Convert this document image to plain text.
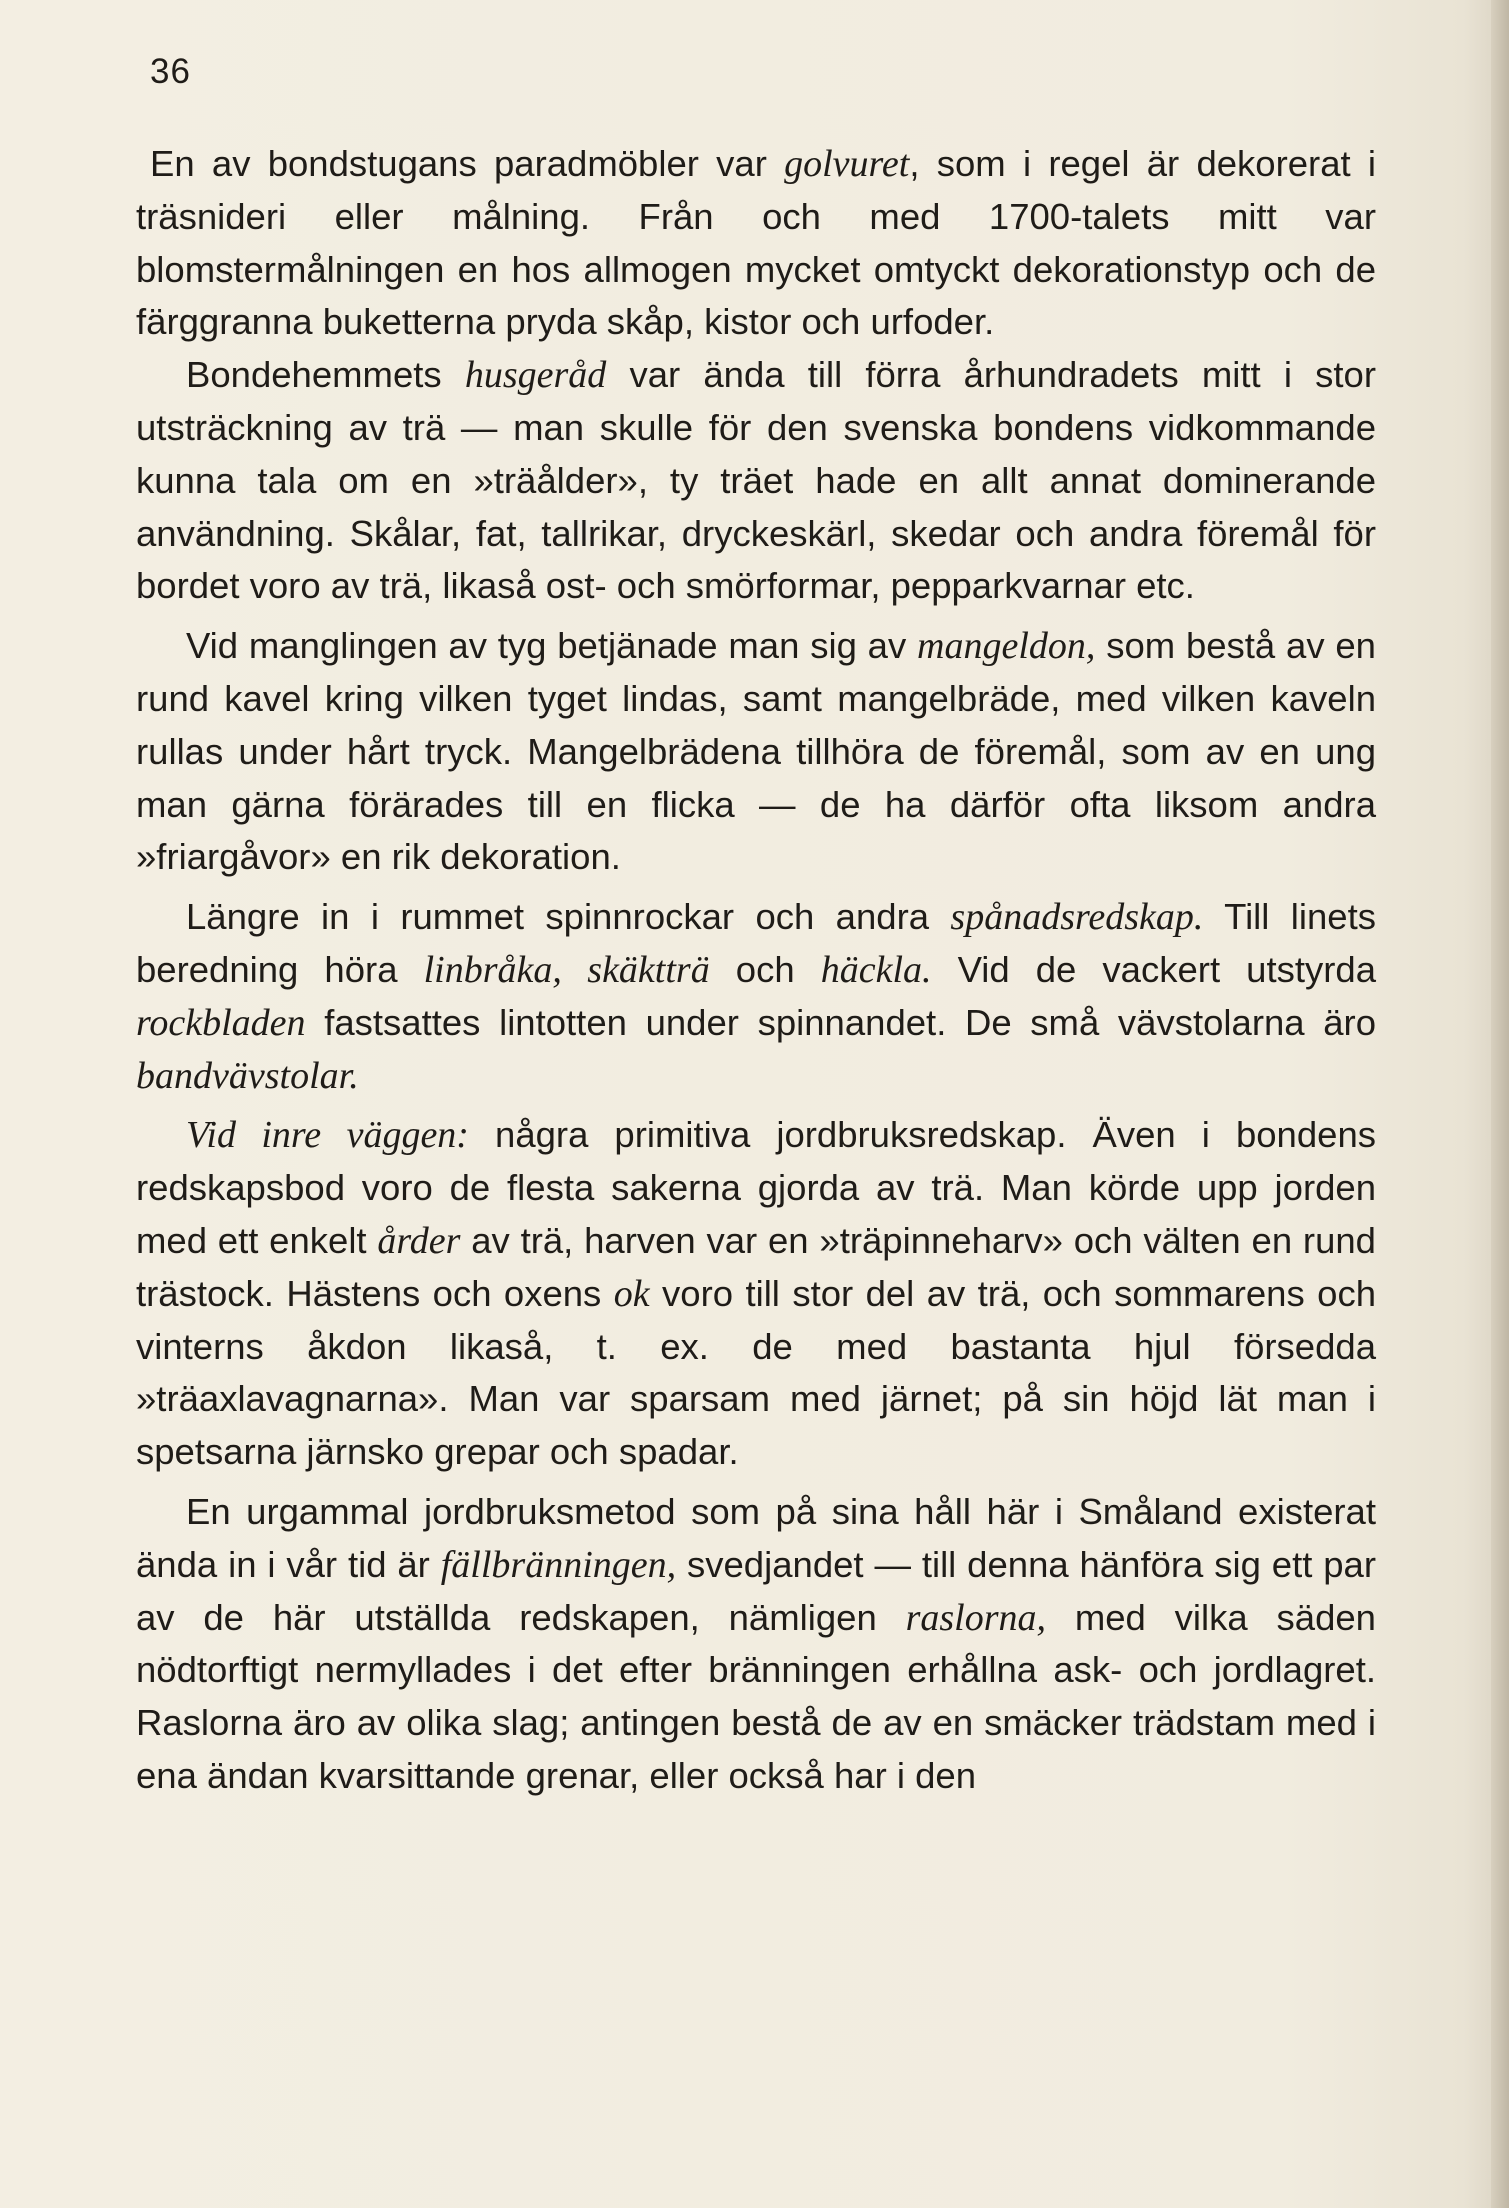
36

En av bondstugans paradmöbler var golvuret, som i regel är dekorerat i träsnideri eller målning. Från och med 1700-talets mitt var blomstermålningen en hos allmogen mycket omtyckt dekorationstyp och de färggranna buketterna pryda skåp, kistor och urfoder.

Bondehemmets husgeråd var ända till förra århundradets mitt i stor utsträckning av trä — man skulle för den svenska bondens vidkommande kunna tala om en »träålder», ty träet hade en allt annat dominerande användning. Skålar, fat, tallrikar, dryckeskärl, skedar och andra föremål för bordet voro av trä, likaså ost- och smörformar, pepparkvarnar etc.

Vid manglingen av tyg betjänade man sig av mangeldon, som bestå av en rund kavel kring vilken tyget lindas, samt mangelbräde, med vilken kaveln rullas under hårt tryck. Mangelbrädena tillhöra de föremål, som av en ung man gärna förärades till en flicka — de ha därför ofta liksom andra »friargåvor» en rik dekoration.

Längre in i rummet spinnrockar och andra spånadsredskap. Till linets beredning höra linbråka, skäktträ och häckla. Vid de vackert utstyrda rockbladen fastsattes lintotten under spinnandet. De små vävstolarna äro bandvävstolar.

Vid inre väggen: några primitiva jordbruksredskap. Även i bondens redskapsbod voro de flesta sakerna gjorda av trä. Man körde upp jorden med ett enkelt årder av trä, harven var en »träpinneharv» och välten en rund trästock. Hästens och oxens ok voro till stor del av trä, och sommarens och vinterns åkdon likaså, t. ex. de med bastanta hjul försedda »träaxlavagnarna». Man var sparsam med järnet; på sin höjd lät man i spetsarna järnsko grepar och spadar.

En urgammal jordbruksmetod som på sina håll här i Småland existerat ända in i vår tid är fällbränningen, svedjandet — till denna hänföra sig ett par av de här utställda redskapen, nämligen raslorna, med vilka säden nödtorftigt nermyllades i det efter bränningen erhållna ask- och jordlagret. Raslorna äro av olika slag; antingen bestå de av en smäcker trädstam med i ena ändan kvarsittande grenar, eller också har i den
